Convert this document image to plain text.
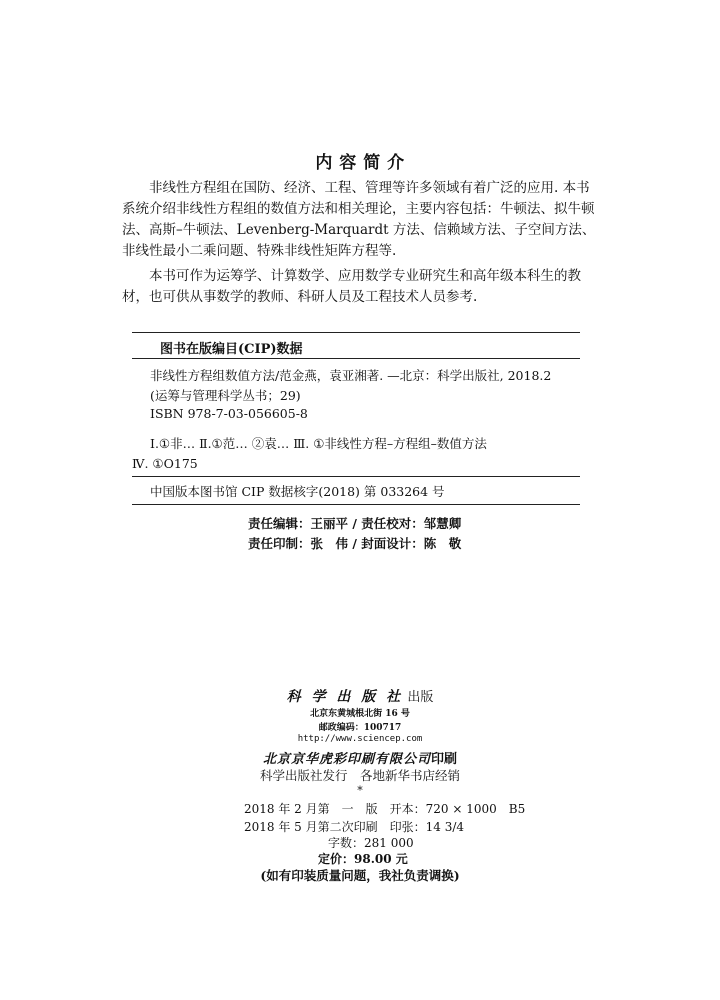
内 容 简 介
非线性方程组在国防、经济、工程、管理等许多领域有着广泛的应用. 本书系统介绍非线性方程组的数值方法和相关理论，主要内容包括：牛顿法、拟牛顿法、高斯–牛顿法、Levenberg-Marquardt 方法、信赖域方法、子空间方法、非线性最小二乘问题、特殊非线性矩阵方程等.
本书可作为运筹学、计算数学、应用数学专业研究生和高年级本科生的教材，也可供从事数学的教师、科研人员及工程技术人员参考.
图书在版编目(CIP)数据
非线性方程组数值方法/范金燕，袁亚湘著. —北京：科学出版社, 2018.2
(运筹与管理科学丛书；29)
ISBN 978-7-03-056605-8
Ⅰ.①非… Ⅱ.①范… ②袁… Ⅲ. ①非线性方程–方程组–数值方法
Ⅳ. ①O175
中国版本图书馆 CIP 数据核字(2018) 第 033264 号
责任编辑：王丽平 / 责任校对：邹慧卿
责任印制：张　伟 / 封面设计：陈　敬
科 学 出 版 社 出版
北京东黄城根北街 16 号
邮政编码：100717
http://www.sciencep.com
北京京华虎彩印刷有限公司印刷
科学出版社发行　各地新华书店经销
*
2018 年 2 月第　一　版　开本：720 × 1000　B5
2018 年 5 月第二次印刷　印张：14 3/4
字数：281 000
定价：98.00 元
(如有印装质量问题，我社负责调换)
